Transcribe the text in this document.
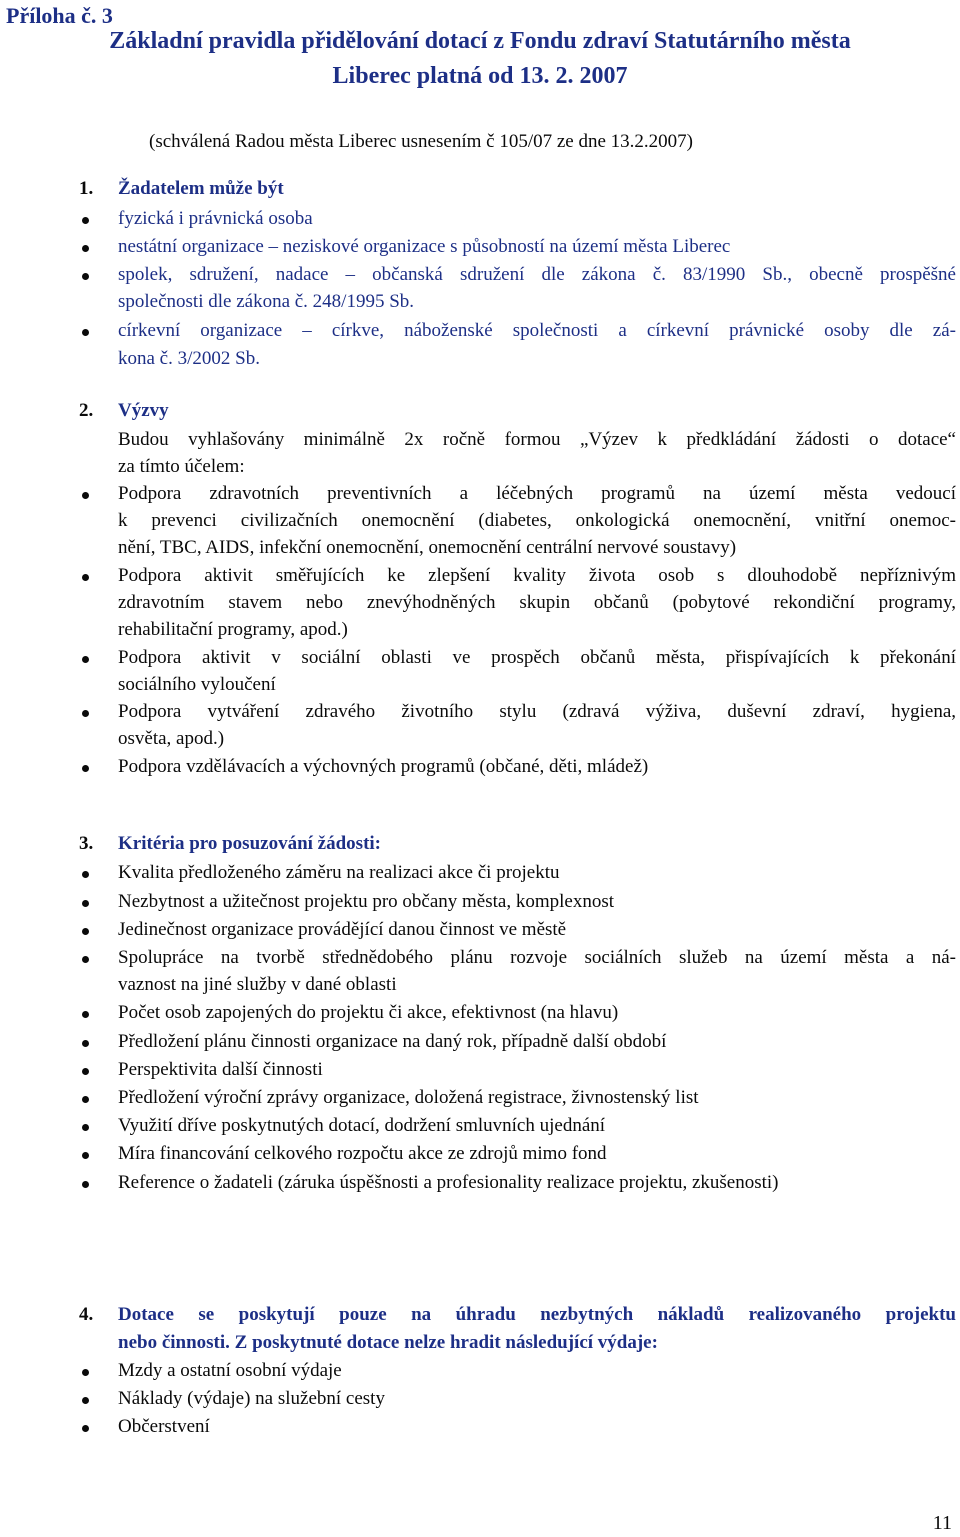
Příloha č. 3
Základní pravidla přidělování dotací z Fondu zdraví Statutárního města
Liberec platná od 13. 2. 2007
(schválená Radou města Liberec usnesením č 105/07 ze dne 13.2.2007)
1. Žadatelem může být
fyzická i právnická osoba
nestátní organizace – neziskové organizace s působností na území města Liberec
spolek, sdružení, nadace – občanská sdružení dle zákona č. 83/1990 Sb., obecně prospěšné
společnosti dle zákona č. 248/1995 Sb.
církevní organizace – církve, náboženské společnosti a církevní právnické osoby dle zá-
kona č. 3/2002 Sb.
2. Výzvy
Budou vyhlašovány minimálně 2x ročně formou „Výzev k předkládání žádosti o dotace“
za tímto účelem:
Podpora zdravotních preventivních a léčebných programů na území města vedoucí
k prevenci civilizačních onemocnění (diabetes, onkologická onemocnění, vnitřní onemoc-
nění, TBC, AIDS, infekční onemocnění, onemocnění centrální nervové soustavy)
Podpora aktivit směřujících ke zlepšení kvality života osob s dlouhodobě nepříznivým
zdravotním stavem nebo znevýhodněných skupin občanů (pobytové rekondiční programy,
rehabilitační programy, apod.)
Podpora aktivit v sociální oblasti ve prospěch občanů města, přispívajících k překonání
sociálního vyloučení
Podpora vytváření zdravého životního stylu (zdravá výživa, duševní zdraví, hygiena,
osvěta, apod.)
Podpora vzdělávacích a výchovných programů (občané, děti, mládež)
3. Kritéria pro posuzování žádosti:
Kvalita předloženého záměru na realizaci akce či projektu
Nezbytnost a užitečnost projektu pro občany města, komplexnost
Jedinečnost organizace provádějící danou činnost ve městě
Spolupráce na tvorbě střednědobého plánu rozvoje sociálních služeb na území města a ná-
vaznost na jiné služby v dané oblasti
Počet osob zapojených do projektu či akce, efektivnost (na hlavu)
Předložení plánu činnosti organizace na daný rok, případně další období
Perspektivita další činnosti
Předložení výroční zprávy organizace, doložená registrace, živnostenský list
Využití dříve poskytnutých dotací, dodržení smluvních ujednání
Míra financování celkového rozpočtu akce ze zdrojů mimo fond
Reference o žadateli (záruka úspěšnosti a profesionality realizace projektu, zkušenosti)
4. Dotace se poskytují pouze na úhradu nezbytných nákladů realizovaného projektu
nebo činnosti. Z poskytnuté dotace nelze hradit následující výdaje:
Mzdy a ostatní osobní výdaje
Náklady (výdaje) na služební cesty
Občerstvení
11
